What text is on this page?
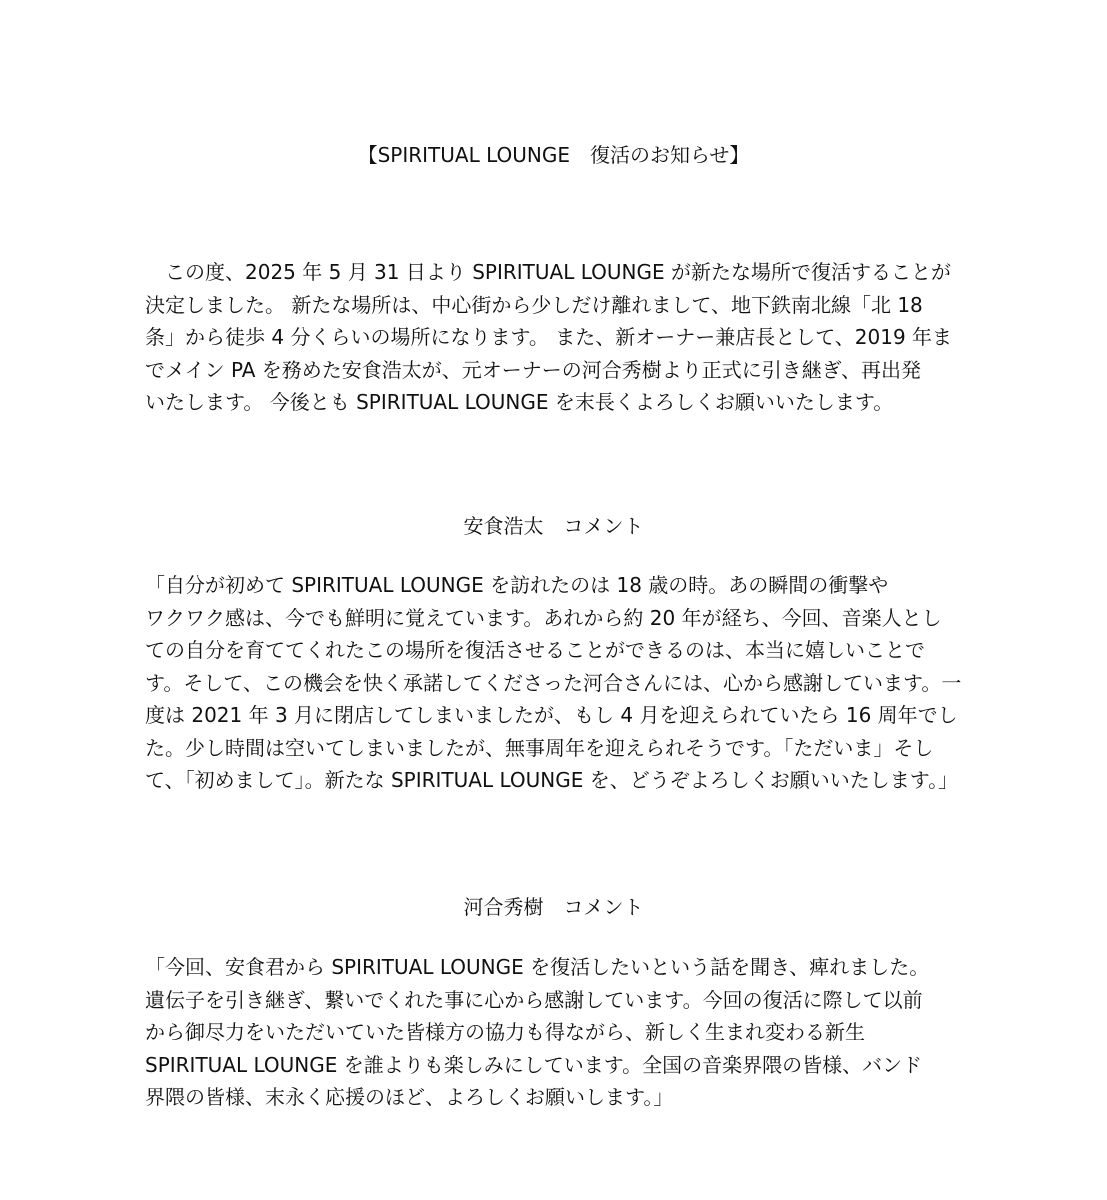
【SPIRITUAL LOUNGE　復活のお知らせ】
　この度、2025 年 5 月 31 日より SPIRITUAL LOUNGE が新たな場所で復活することが
決定しました。 新たな場所は、中心街から少しだけ離れまして、地下鉄南北線「北 18
条」から徒歩 4 分くらいの場所になります。 また、新オーナー兼店長として、2019 年ま
でメイン PA を務めた安食浩太が、元オーナーの河合秀樹より正式に引き継ぎ、再出発
いたします。 今後とも SPIRITUAL LOUNGE を末長くよろしくお願いいたします。
安食浩太　コメント
「自分が初めて SPIRITUAL LOUNGE を訪れたのは 18 歳の時。あの瞬間の衝撃や
ワクワク感は、今でも鮮明に覚えています。あれから約 20 年が経ち、今回、音楽人とし
ての自分を育ててくれたこの場所を復活させることができるのは、本当に嬉しいことで
す。そして、この機会を快く承諾してくださった河合さんには、心から感謝しています。一
度は 2021 年 3 月に閉店してしまいましたが、もし 4 月を迎えられていたら 16 周年でし
た。少し時間は空いてしまいましたが、無事周年を迎えられそうです。「ただいま」そし
て、「初めまして」。新たな SPIRITUAL LOUNGE を、どうぞよろしくお願いいたします。」
河合秀樹　コメント
「今回、安食君から SPIRITUAL LOUNGE を復活したいという話を聞き、痺れました。
遺伝子を引き継ぎ、繋いでくれた事に心から感謝しています。今回の復活に際して以前
から御尽力をいただいていた皆様方の協力も得ながら、新しく生まれ変わる新生
SPIRITUAL LOUNGE を誰よりも楽しみにしています。全国の音楽界隈の皆様、バンド
界隈の皆様、末永く応援のほど、よろしくお願いします。」
